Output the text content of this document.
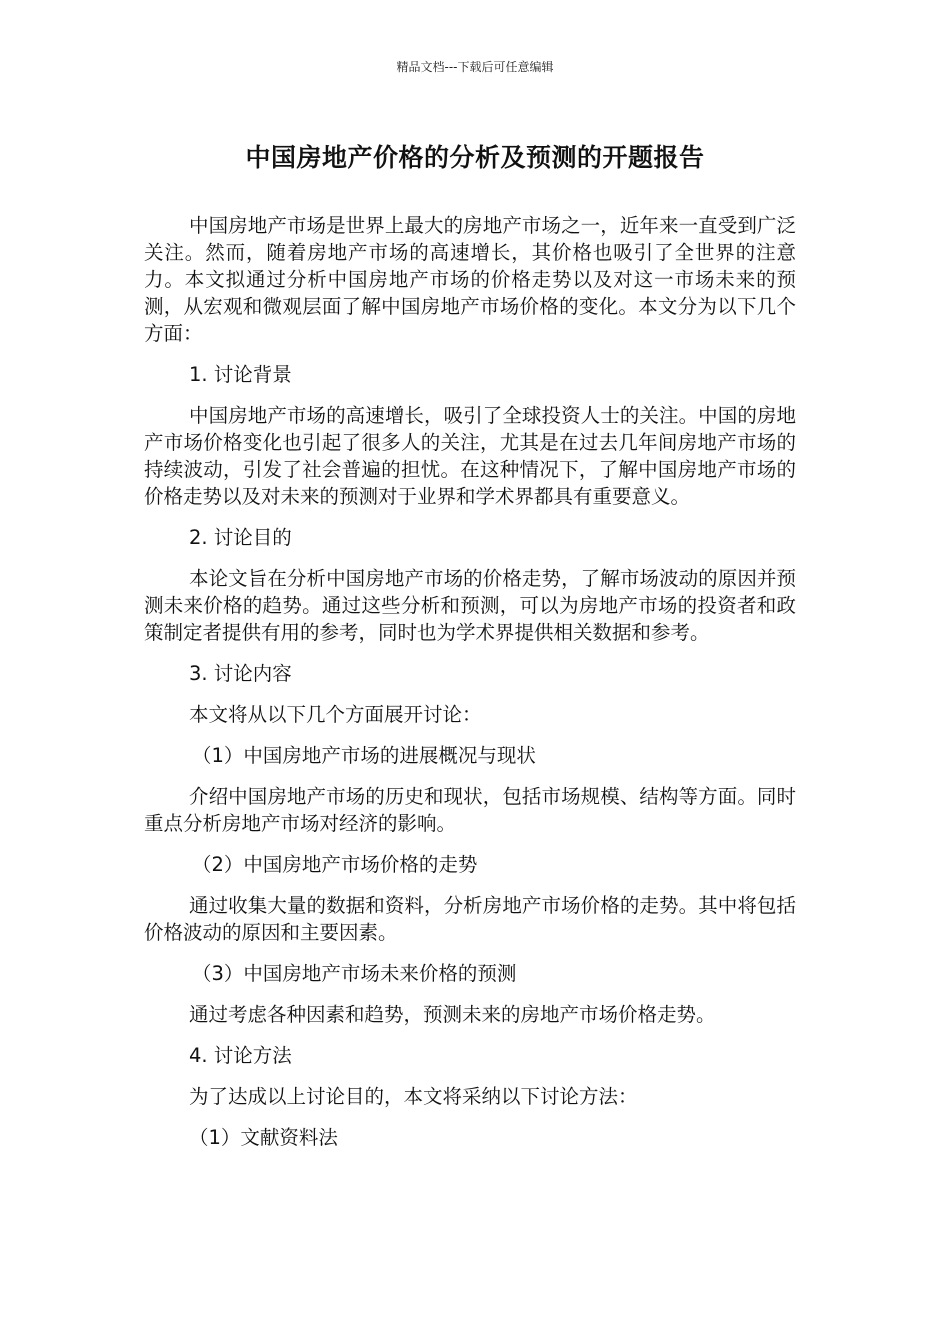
精品文档---下载后可任意编辑
中国房地产价格的分析及预测的开题报告

中国房地产市场是世界上最大的房地产市场之一，近年来一直受到广泛关注。然而，随着房地产市场的高速增长，其价格也吸引了全世界的注意力。本文拟通过分析中国房地产市场的价格走势以及对这一市场未来的预测，从宏观和微观层面了解中国房地产市场价格的变化。本文分为以下几个方面：

1. 讨论背景

中国房地产市场的高速增长，吸引了全球投资人士的关注。中国的房地产市场价格变化也引起了很多人的关注，尤其是在过去几年间房地产市场的持续波动，引发了社会普遍的担忧。在这种情况下，了解中国房地产市场的价格走势以及对未来的预测对于业界和学术界都具有重要意义。

2. 讨论目的

本论文旨在分析中国房地产市场的价格走势，了解市场波动的原因并预测未来价格的趋势。通过这些分析和预测，可以为房地产市场的投资者和政策制定者提供有用的参考，同时也为学术界提供相关数据和参考。

3. 讨论内容

本文将从以下几个方面展开讨论：

（1）中国房地产市场的进展概况与现状

介绍中国房地产市场的历史和现状，包括市场规模、结构等方面。同时重点分析房地产市场对经济的影响。

（2）中国房地产市场价格的走势

通过收集大量的数据和资料，分析房地产市场价格的走势。其中将包括价格波动的原因和主要因素。

（3）中国房地产市场未来价格的预测

通过考虑各种因素和趋势，预测未来的房地产市场价格走势。

4. 讨论方法

为了达成以上讨论目的，本文将采纳以下讨论方法：

（1）文献资料法
